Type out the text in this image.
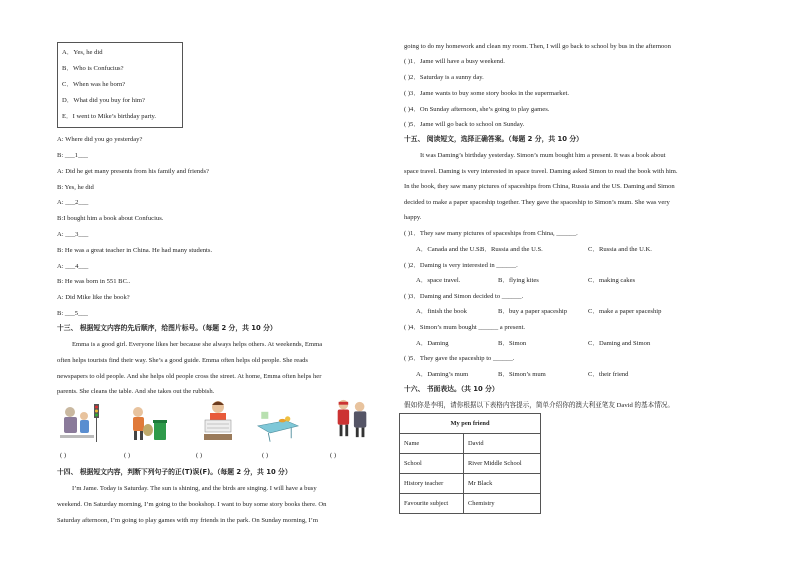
A．Yes, he did
B．Who is Confucius?
C．When was he born?
D．What did you buy for him?
E．I went to Mike’s birthday party.
A: Where did you go yesterday?
B: ___1___
A: Did he get many presents from his family and friends?
B: Yes, he did
A: ___2___
B:I bought him a book about Confucius.
A: ___3___
B: He was a great teacher in China. He had many students.
A: ___4___
B: He was born in 551 BC..
A: Did Mike like the book?
B: ___5___
十三、 根据短文内容的先后顺序，给图片标号。（每题 2 分，共 10 分）
Emma is a good girl. Everyone likes her because she always helps others. At weekends, Emma
often helps tourists find their way. She’s a good guide. Emma often helps old people. She reads
newspapers to old people. And she helps old people cross the street. At home, Emma often helps her
parents. She cleans the table. And she takes out the rubbish.
( )	( )	( )	( )	( )
十四、 根据短文内容，判断下列句子的正(T)误(F)。（每题 2 分，共 10 分）
I’m Jame. Today is Saturday. The sun is shining, and the birds are singing. I will have a busy
weekend. On Saturday morning, I’m going to the bookshop. I want to buy some story books there. On
Saturday afternoon, I’m going to play games with my friends in the park. On Sunday morning, I’m
going to do my homework and clean my room. Then, I will go back to school by bus in the afternoon
( )1．Jame will have a busy weekend.
( )2．Saturday is a sunny day.
( )3．Jame wants to buy some story books in the supermarket.
( )4．On Sunday afternoon, she’s going to play games.
( )5．Jame will go back to school on Sunday.
十五、 阅读短文，选择正确答案。（每题 2 分，共 10 分）
It was Daming’s birthday yesterday. Simon’s mum bought him a present. It was a book about
space travel. Daming is very interested in space travel. Daming asked Simon to read the book with him.
In the book, they saw many pictures of spaceships from China, Russia and the US. Daming and Simon
decided to make a paper spaceship together. They gave the spaceship to Simon’s mum. She was very
happy.
( )1．They saw many pictures of spaceships from China, ______.
A．Canada and the U.S.
B．Russia and the U.S.	C．Russia and the U.K.
( )2．Daming is very interested in ______.
A．space travel.	B．flying kites	C．making cakes
( )3．Daming and Simon decided to ______.
A．finish the book	B．buy a paper spaceship	C．make a paper spaceship
( )4．Simon’s mum bought ______ a present.
A．Daming	B．Simon	C．Daming and Simon
( )5．They gave the spaceship to ______.
A．Daming’s mum	B．Simon’s mum	C．their friend
十六、 书面表达。（共 10 分）
假如你是李明，请你根据以下表格内容提示，简单介绍你的澳大利亚笔友 David 的基本情况。
My pen friend	
Name	David
School	River Middle School
History teacher	Mr Black
Favourite subject	Chemistry
